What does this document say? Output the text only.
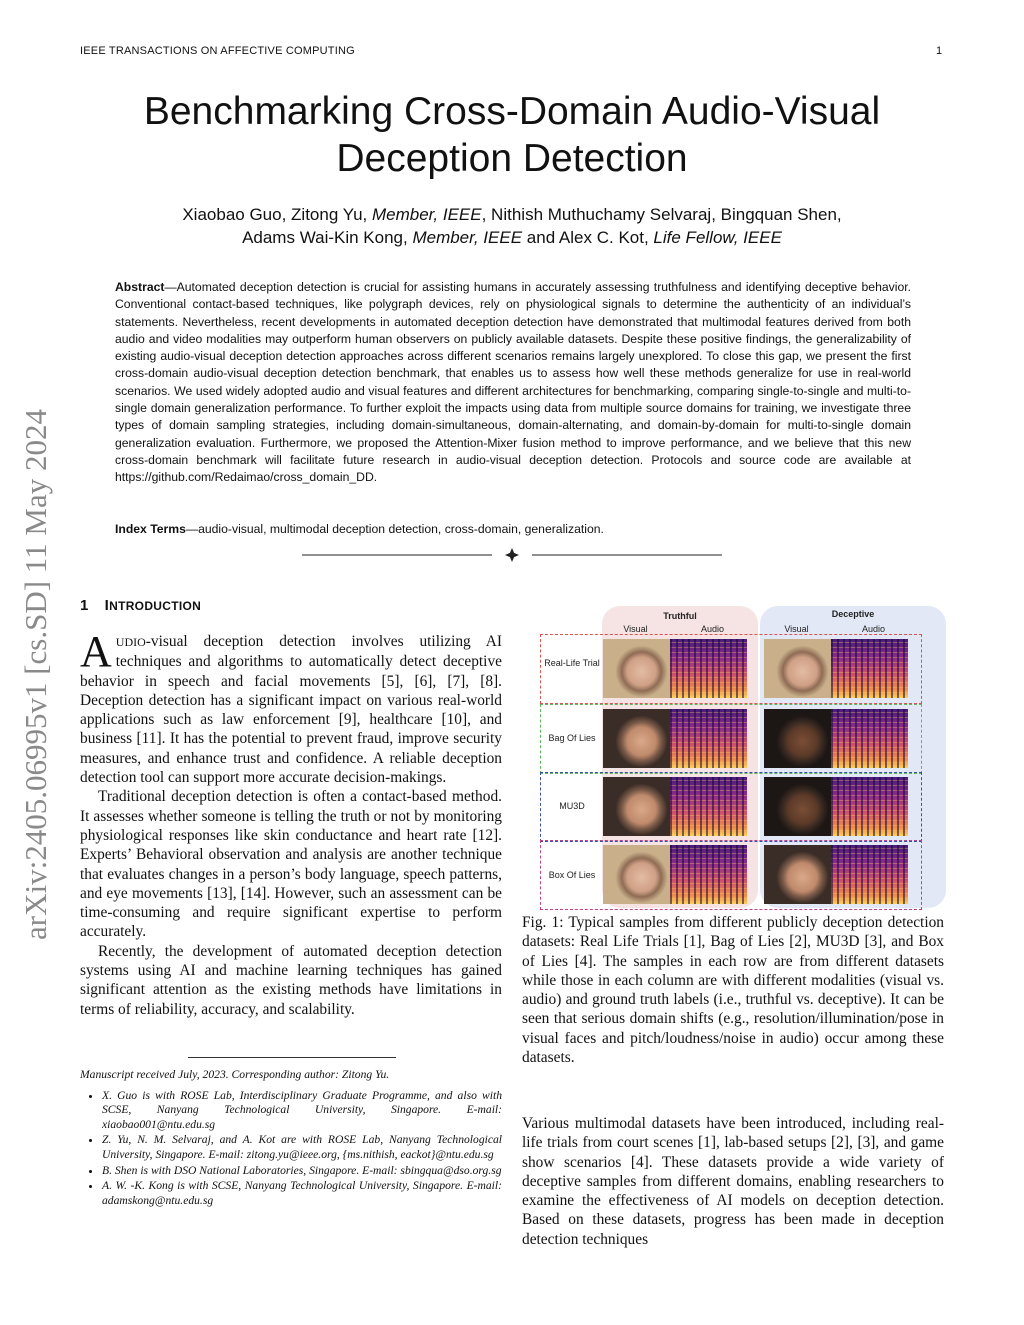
IEEE TRANSACTIONS ON AFFECTIVE COMPUTING	1
arXiv:2405.06995v1 [cs.SD] 11 May 2024
Benchmarking Cross-Domain Audio-Visual
Deception Detection
Xiaobao Guo, Zitong Yu, Member, IEEE, Nithish Muthuchamy Selvaraj, Bingquan Shen,
Adams Wai-Kin Kong, Member, IEEE and Alex C. Kot, Life Fellow, IEEE
Abstract—Automated deception detection is crucial for assisting humans in accurately assessing truthfulness and identifying deceptive behavior. Conventional contact-based techniques, like polygraph devices, rely on physiological signals to determine the authenticity of an individual’s statements. Nevertheless, recent developments in automated deception detection have demonstrated that multimodal features derived from both audio and video modalities may outperform human observers on publicly available datasets. Despite these positive findings, the generalizability of existing audio-visual deception detection approaches across different scenarios remains largely unexplored. To close this gap, we present the first cross-domain audio-visual deception detection benchmark, that enables us to assess how well these methods generalize for use in real-world scenarios. We used widely adopted audio and visual features and different architectures for benchmarking, comparing single-to-single and multi-to-single domain generalization performance. To further exploit the impacts using data from multiple source domains for training, we investigate three types of domain sampling strategies, including domain-simultaneous, domain-alternating, and domain-by-domain for multi-to-single domain generalization evaluation. Furthermore, we proposed the Attention-Mixer fusion method to improve performance, and we believe that this new cross-domain benchmark will facilitate future research in audio-visual deception detection. Protocols and source code are available at https://github.com/Redaimao/cross_domain_DD.
Index Terms—audio-visual, multimodal deception detection, cross-domain, generalization.
1 INTRODUCTION

AUDIO-visual deception detection involves utilizing AI techniques and algorithms to automatically detect deceptive behavior in speech and facial movements [5], [6], [7], [8]. Deception detection has a significant impact on various real-world applications such as law enforcement [9], healthcare [10], and business [11]. It has the potential to prevent fraud, improve security measures, and enhance trust and confidence. A reliable deception detection tool can support more accurate decision-makings.

Traditional deception detection is often a contact-based method. It assesses whether someone is telling the truth or not by monitoring physiological responses like skin conductance and heart rate [12]. Experts’ Behavioral observation and analysis are another technique that evaluates changes in a person’s body language, speech patterns, and eye movements [13], [14]. However, such an assessment can be time-consuming and require significant expertise to perform accurately.

Recently, the development of automated deception detection systems using AI and machine learning techniques has gained significant attention as the existing methods have limitations in terms of reliability, accuracy, and scalability.

Manuscript received July, 2023. Corresponding author: Zitong Yu.
• X. Guo is with ROSE Lab, Interdisciplinary Graduate Programme, and also with SCSE, Nanyang Technological University, Singapore. E-mail: xiaobao001@ntu.edu.sg
• Z. Yu, N. M. Selvaraj, and A. Kot are with ROSE Lab, Nanyang Technological University, Singapore. E-mail: zitong.yu@ieee.org, {ms.nithish, eackot}@ntu.edu.sg
• B. Shen is with DSO National Laboratories, Singapore. E-mail: sbingqua@dso.org.sg
• A. W. -K. Kong is with SCSE, Nanyang Technological University, Singapore. E-mail: adamskong@ntu.edu.sg
Truthful	Deceptive
Visual	Audio	Visual	Audio
Real-Life Trial
Bag Of Lies
MU3D
Box Of Lies
Fig. 1: Typical samples from different publicly deception detection datasets: Real Life Trials [1], Bag of Lies [2], MU3D [3], and Box of Lies [4]. The samples in each row are from different datasets while those in each column are with different modalities (visual vs. audio) and ground truth labels (i.e., truthful vs. deceptive). It can be seen that serious domain shifts (e.g., resolution/illumination/pose in visual faces and pitch/loudness/noise in audio) occur among these datasets.

Various multimodal datasets have been introduced, including real-life trials from court scenes [1], lab-based setups [2], [3], and game show scenarios [4]. These datasets provide a wide variety of deceptive samples from different domains, enabling researchers to examine the effectiveness of AI models on deception detection. Based on these datasets, progress has been made in deception detection techniques
